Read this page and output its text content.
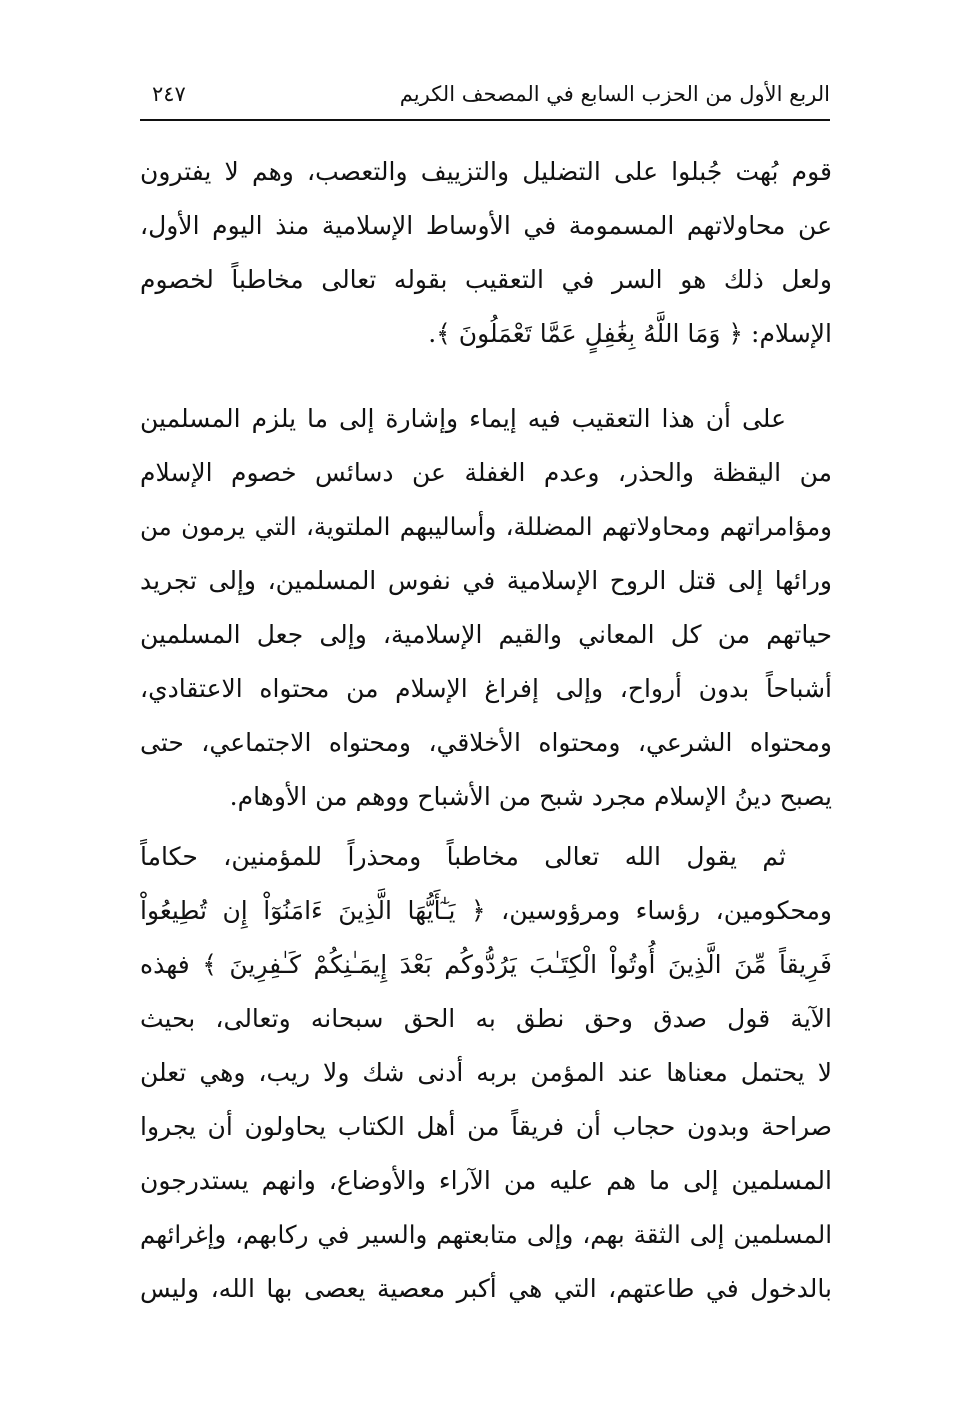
الربع الأول من الحزب السابع في المصحف الكريم
٢٤٧
قوم بُهت جُبلوا على التضليل والتزييف والتعصب، وهم لا يفترون
عن محاولاتهم المسمومة في الأوساط الإسلامية منذ اليوم الأول،
ولعل ذلك هو السر في التعقيب بقوله تعالى مخاطباً لخصوم
الإسلام: ﴿ وَمَا اللَّهُ بِغَٰفِلٍ عَمَّا تَعْمَلُونَ ﴾.
على أن هذا التعقيب فيه إيماء وإشارة إلى ما يلزم المسلمين
من اليقظة والحذر، وعدم الغفلة عن دسائس خصوم الإسلام
ومؤامراتهم ومحاولاتهم المضللة، وأساليبهم الملتوية، التي يرمون من
ورائها إلى قتل الروح الإسلامية في نفوس المسلمين، وإلى تجريد
حياتهم من كل المعاني والقيم الإسلامية، وإلى جعل المسلمين
أشباحاً بدون أرواح، وإلى إفراغ الإسلام من محتواه الاعتقادي،
ومحتواه الشرعي، ومحتواه الأخلاقي، ومحتواه الاجتماعي، حتى
يصبح دينُ الإسلام مجرد شبح من الأشباح ووهم من الأوهام.
ثم يقول الله تعالى مخاطباً ومحذراً للمؤمنين، حكاماً
ومحكومين، رؤساء ومرؤوسين، ﴿ يَـٰٓأَيُّهَا الَّذِينَ ءَامَنُوٓاْ إِن تُطِيعُواْ
فَرِيقاً مِّنَ الَّذِينَ أُوتُواْ الْكِتَـٰبَ يَرُدُّوكُم بَعْدَ إِيمَـٰنِكُمْ كَـٰفِرِينَ ﴾ فهذه
الآية قول صدق وحق نطق به الحق سبحانه وتعالى، بحيث
لا يحتمل معناها عند المؤمن بربه أدنى شك ولا ريب، وهي تعلن
صراحة وبدون حجاب أن فريقاً من أهل الكتاب يحاولون أن يجروا
المسلمين إلى ما هم عليه من الآراء والأوضاع، وانهم يستدرجون
المسلمين إلى الثقة بهم، وإلى متابعتهم والسير في ركابهم، وإغرائهم
بالدخول في طاعتهم، التي هي أكبر معصية يعصى بها الله، وليس
